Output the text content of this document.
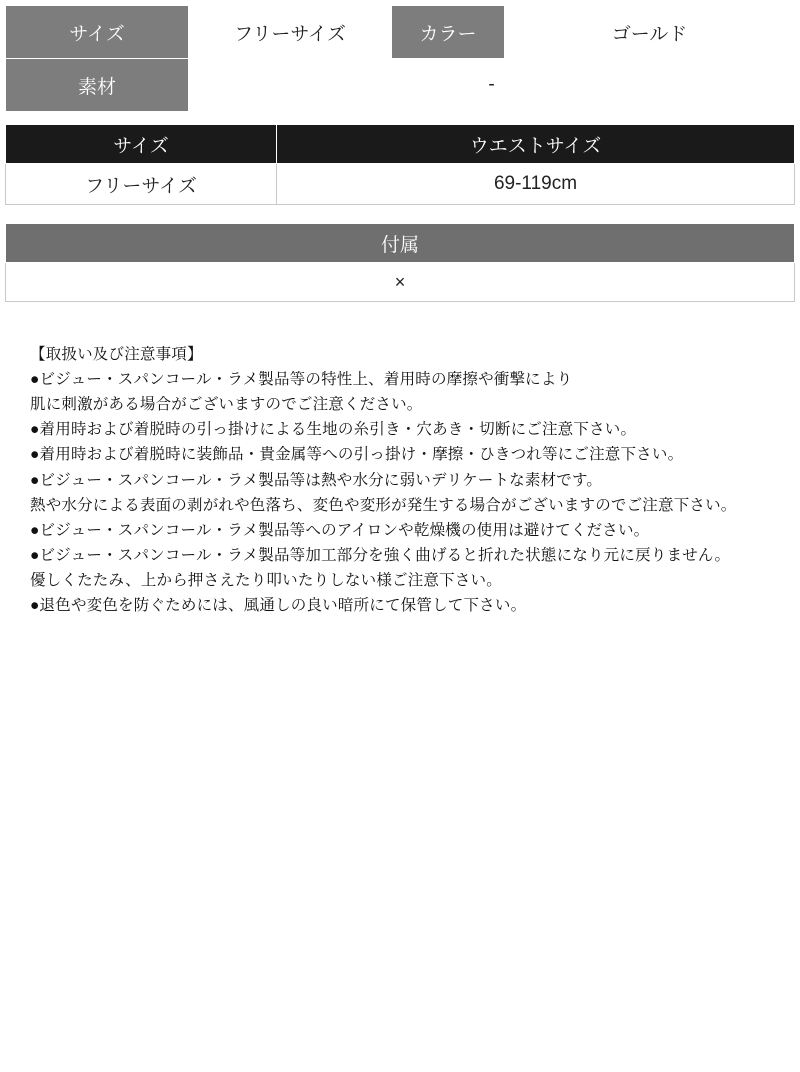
サイズ	フリーサイズ	カラー	ゴールド
素材	-		
サイズ	ウエストサイズ
フリーサイズ	69-119cm
付属
×

【取扱い及び注意事項】

●ビジュー・スパンコール・ラメ製品等の特性上、着用時の摩擦や衝撃により

肌に刺激がある場合がございますのでご注意ください。

●着用時および着脱時の引っ掛けによる生地の糸引き・穴あき・切断にご注意下さい。

●着用時および着脱時に装飾品・貴金属等への引っ掛け・摩擦・ひきつれ等にご注意下さい。

●ビジュー・スパンコール・ラメ製品等は熱や水分に弱いデリケートな素材です。

熱や水分による表面の剥がれや色落ち、変色や変形が発生する場合がございますのでご注意下さい。

●ビジュー・スパンコール・ラメ製品等へのアイロンや乾燥機の使用は避けてください。

●ビジュー・スパンコール・ラメ製品等加工部分を強く曲げると折れた状態になり元に戻りません。

優しくたたみ、上から押さえたり叩いたりしない様ご注意下さい。

●退色や変色を防ぐためには、風通しの良い暗所にて保管して下さい。
